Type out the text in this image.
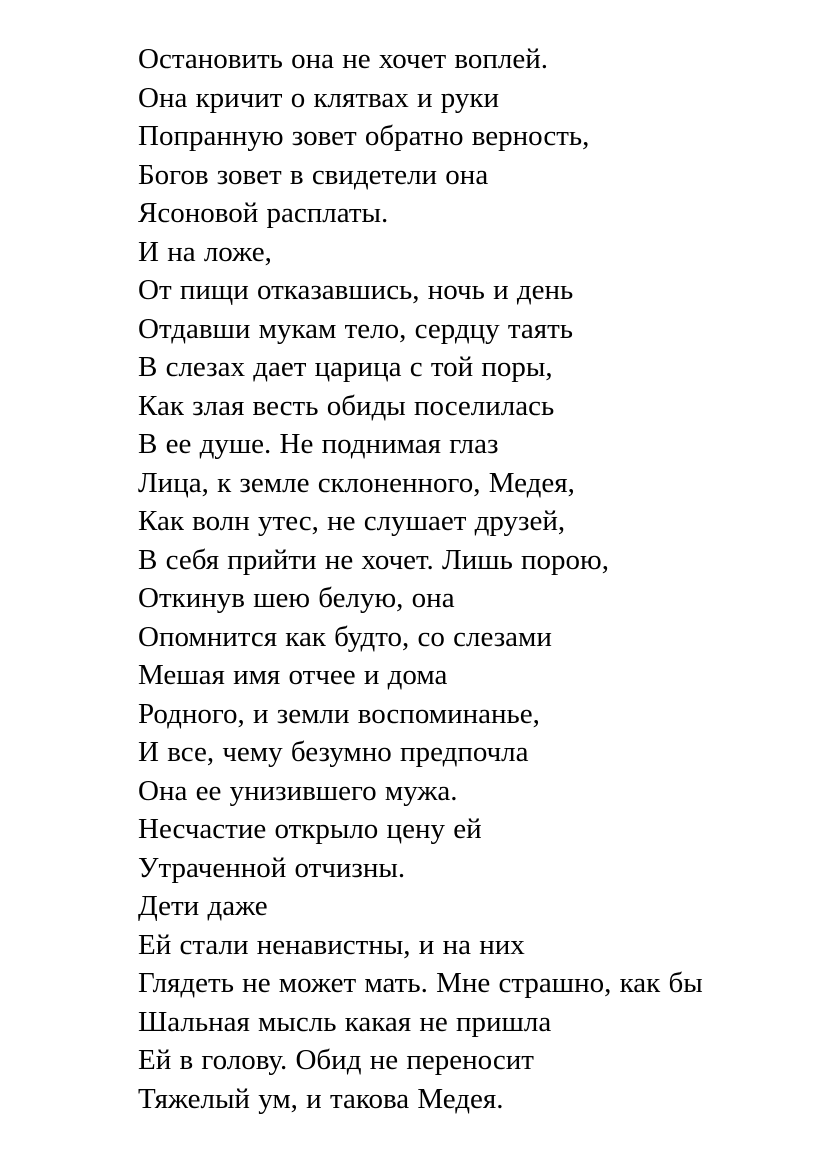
Остановить она не хочет воплей.
Она кричит о клятвах и руки
Попранную зовет обратно верность,
Богов зовет в свидетели она
Ясоновой расплаты.
И на ложе,
От пищи отказавшись, ночь и день
Отдавши мукам тело, сердцу таять
В слезах дает царица с той поры,
Как злая весть обиды поселилась
В ее душе. Не поднимая глаз
Лица, к земле склоненного, Медея,
Как волн утес, не слушает друзей,
В себя прийти не хочет. Лишь порою,
Откинув шею белую, она
Опомнится как будто, со слезами
Мешая имя отчее и дома
Родного, и земли воспоминанье,
И все, чему безумно предпочла
Она ее унизившего мужа.
Несчастие открыло цену ей
Утраченной отчизны.
Дети даже
Ей стали ненавистны, и на них
Глядеть не может мать. Мне страшно, как бы
Шальная мысль какая не пришла
Ей в голову. Обид не переносит
Тяжелый ум, и такова Медея.
